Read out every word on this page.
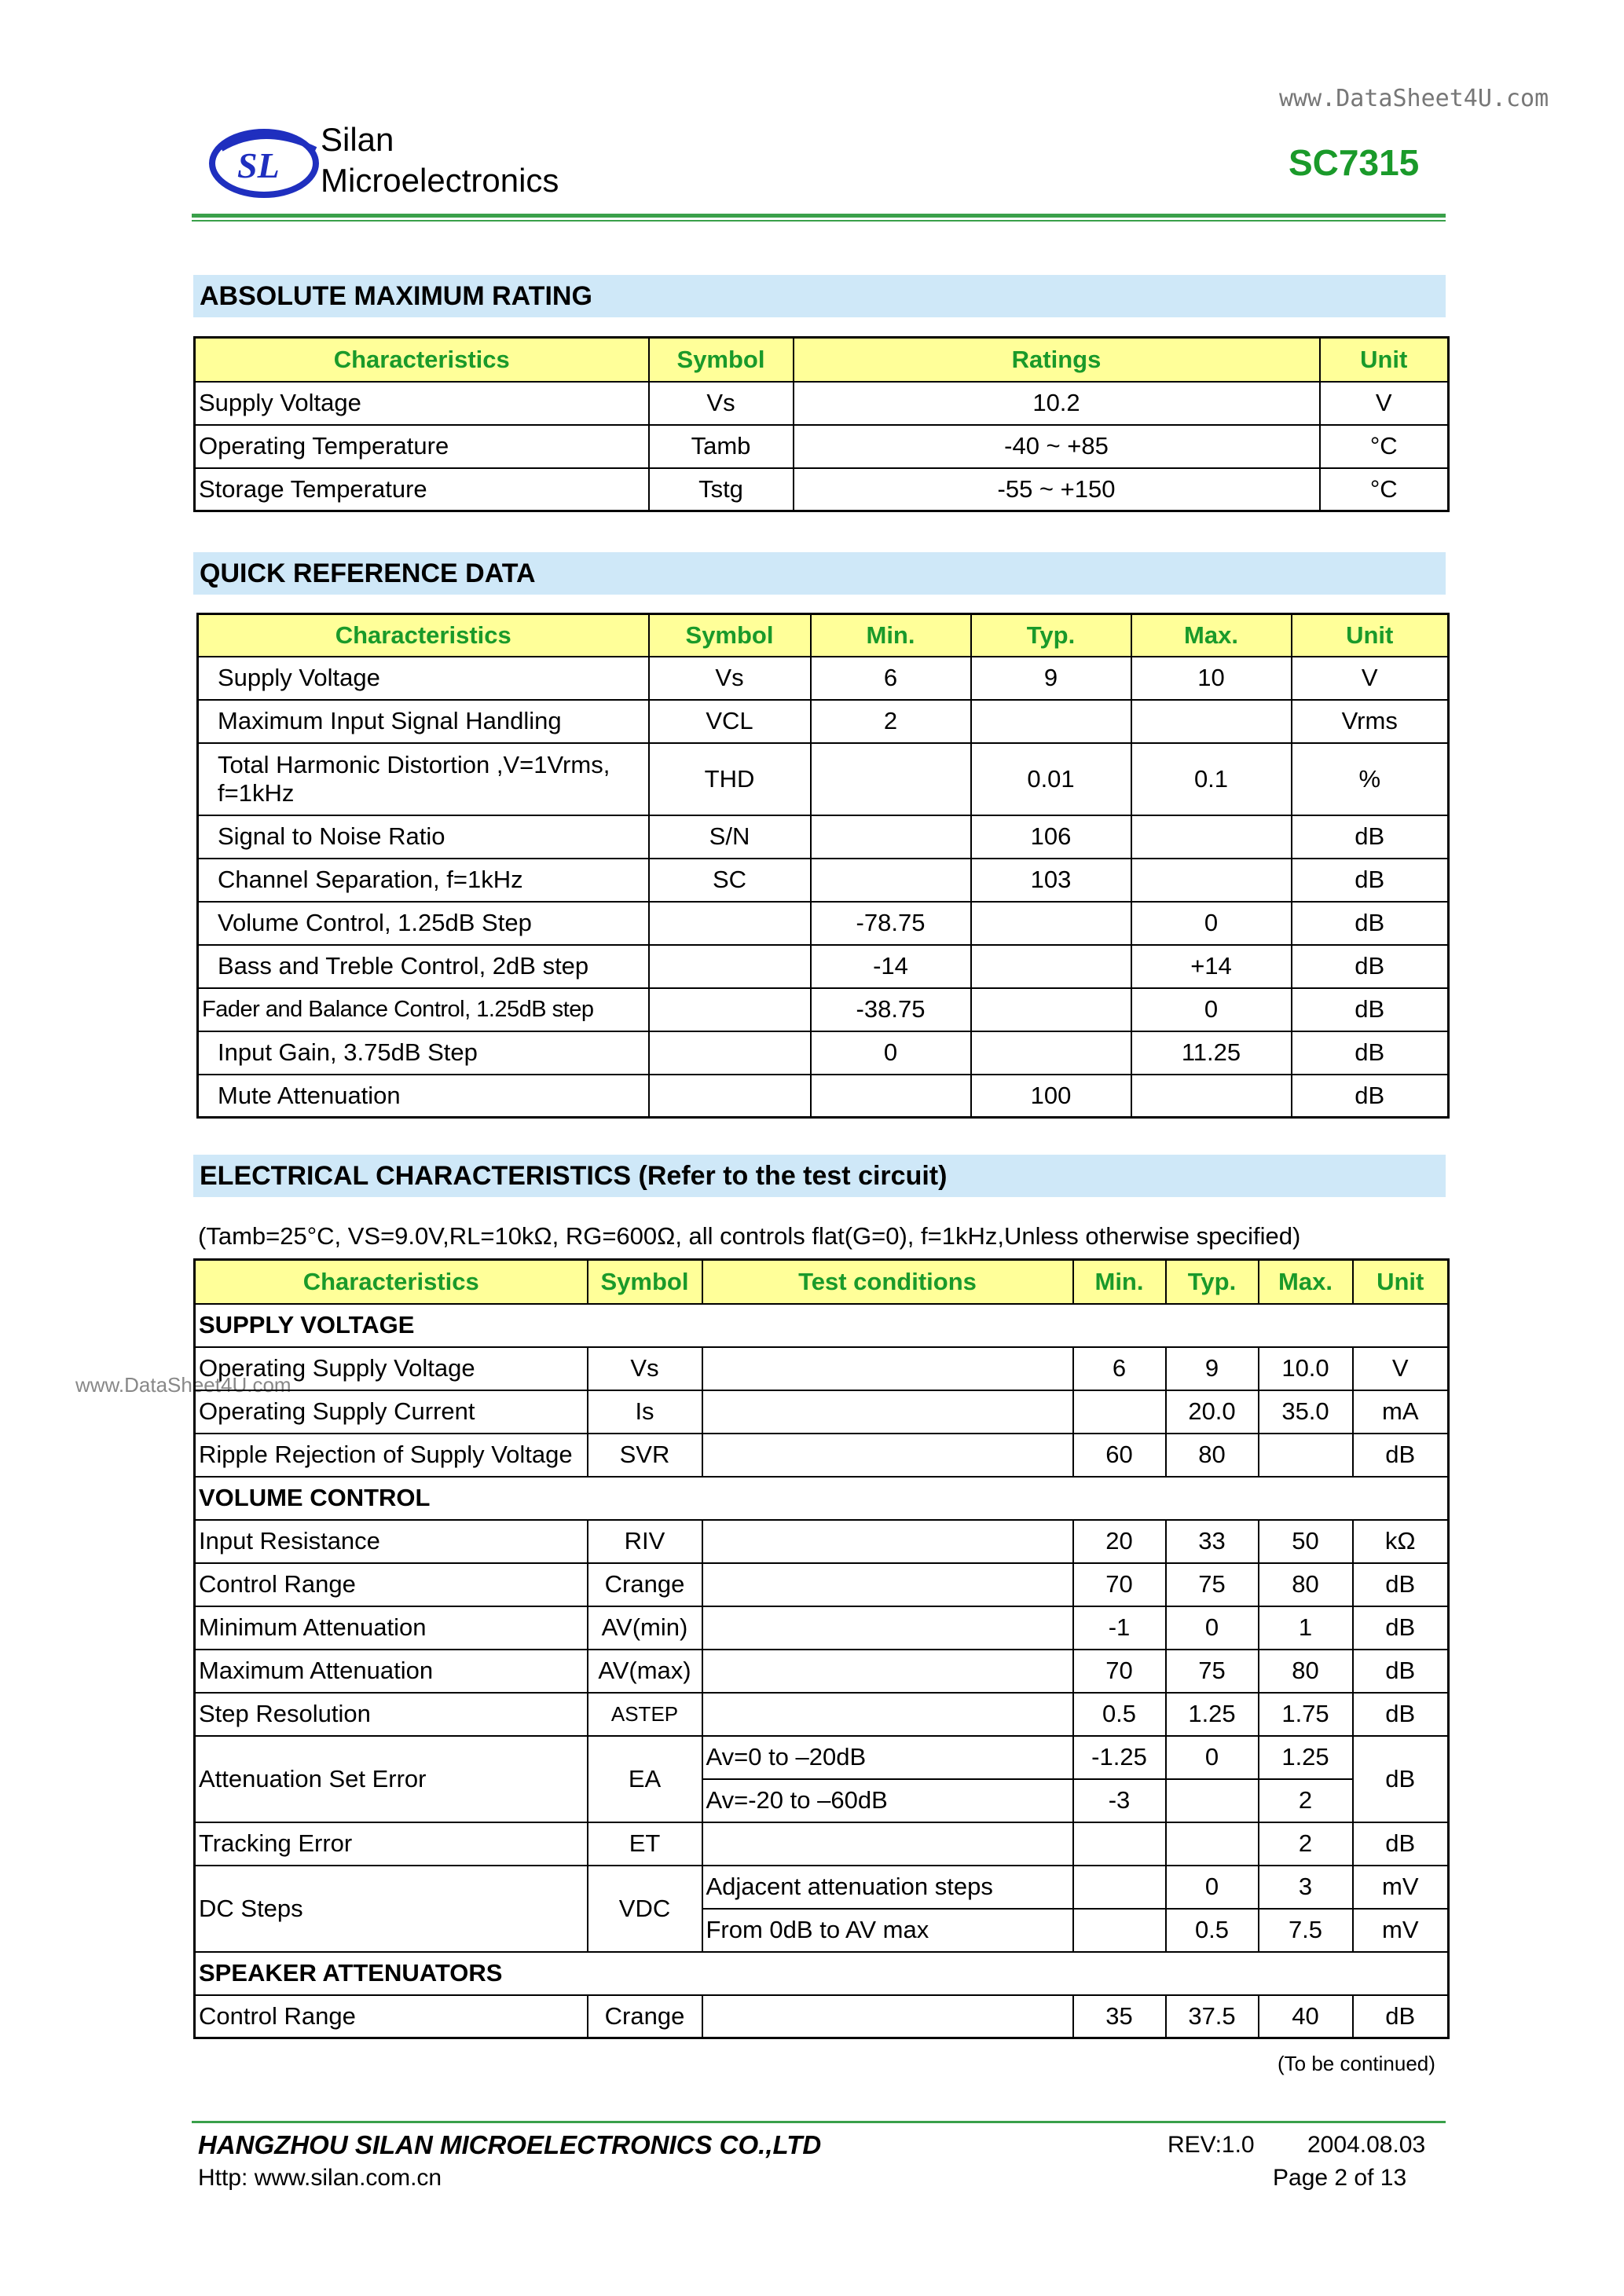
www.DataSheet4U.com
SL
Silan
Microelectronics	SC7315
ABSOLUTE MAXIMUM RATING
Characteristics	Symbol	Ratings	Unit
Supply Voltage	Vs	10.2	V
Operating Temperature	Tamb	-40 ~ +85	°C
Storage Temperature	Tstg	-55 ~ +150	°C
QUICK REFERENCE DATA
Characteristics	Symbol	Min.	Typ.	Max.	Unit
Supply Voltage	Vs	6	9	10	V
Maximum Input Signal Handling	VCL	2			Vrms

Total Harmonic Distortion ,V=1Vrms,
f=1kHz	THD		0.01	0.1	%
Signal to Noise Ratio	S/N		106		dB
Channel Separation, f=1kHz	SC		103		dB
Volume Control, 1.25dB Step		-78.75		0	dB
Bass and Treble Control, 2dB step		-14		+14	dB
Fader and Balance Control, 1.25dB step		-38.75		0	dB
Input Gain, 3.75dB Step		0		11.25	dB
Mute Attenuation			100		dB
ELECTRICAL CHARACTERISTICS (Refer to the test circuit)
(Tamb=25°C, VS=9.0V,RL=10kΩ, RG=600Ω, all controls flat(G=0), f=1kHz,Unless otherwise specified)
www.DataSheet4U.com
Characteristics	Symbol	Test conditions	Min.	Typ.	Max.	Unit
SUPPLY VOLTAGE						
Operating Supply Voltage	Vs		6	9	10.0	V
Operating Supply Current	Is			20.0	35.0	mA
Ripple Rejection of Supply Voltage	SVR		60	80		dB
VOLUME CONTROL						
Input Resistance	RIV		20	33	50	kΩ
Control Range	Crange		70	75	80	dB
Minimum Attenuation	AV(min)		-1	0	1	dB
Maximum Attenuation	AV(max)		70	75	80	dB
Step Resolution	ASTEP		0.5	1.25	1.75	dB
Attenuation Set Error	EA	Av=0 to –20dB	-1.25	0	1.25	dB
		Av=-20 to –60dB	-3		2	
Tracking Error	ET				2	dB
DC Steps	VDC	Adjacent attenuation steps		0	3	mV
		From 0dB to AV max		0.5	7.5	mV
SPEAKER ATTENUATORS						
Control Range	Crange		35	37.5	40	dB
(To be continued)
HANGZHOU SILAN MICROELECTRONICS CO.,LTD	REV:1.0 2004.08.03
Http: www.silan.com.cn	Page 2 of 13
